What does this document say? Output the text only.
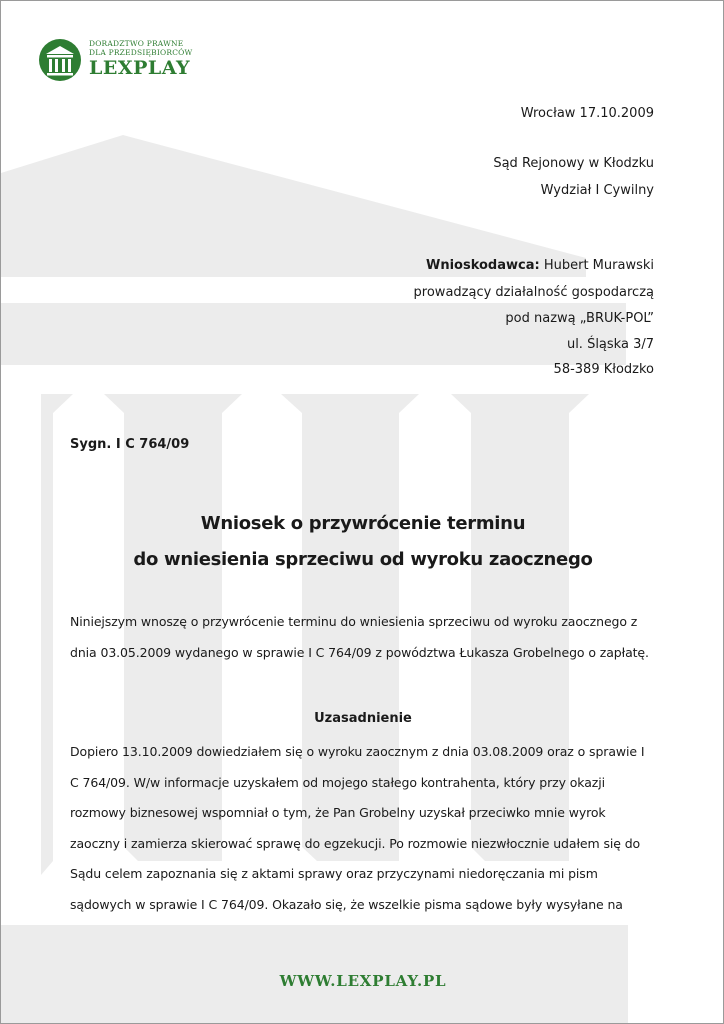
DORADZTWO PRAWNE
DLA PRZEDSIĘBIORCÓW
LEXPLAY
Wrocław 17.10.2009
Sąd Rejonowy w Kłodzku
Wydział I Cywilny
Wnioskodawca: Hubert Murawski
prowadzący działalność gospodarczą
pod nazwą „BRUK-POL”
ul. Śląska 3/7
58-389 Kłodzko
Sygn. I C 764/09
Wniosek o przywrócenie terminu
do wniesienia sprzeciwu od wyroku zaocznego
Niniejszym wnoszę o przywrócenie terminu do wniesienia sprzeciwu od wyroku zaocznego z
dnia 03.05.2009 wydanego w sprawie I C 764/09 z powództwa Łukasza Grobelnego o zapłatę.
Uzasadnienie
Dopiero 13.10.2009 dowiedziałem się o wyroku zaocznym z dnia 03.08.2009 oraz o sprawie I
C 764/09. W/w informacje uzyskałem od mojego stałego kontrahenta, który przy okazji
rozmowy biznesowej wspomniał o tym, że Pan Grobelny uzyskał przeciwko mnie wyrok
zaoczny i zamierza skierować sprawę do egzekucji. Po rozmowie niezwłocznie udałem się do
Sądu celem zapoznania się z aktami sprawy oraz przyczynami niedoręczania mi pism
sądowych w sprawie I C 764/09. Okazało się, że wszelkie pisma sądowe były wysyłane na
WWW.LEXPLAY.PL
